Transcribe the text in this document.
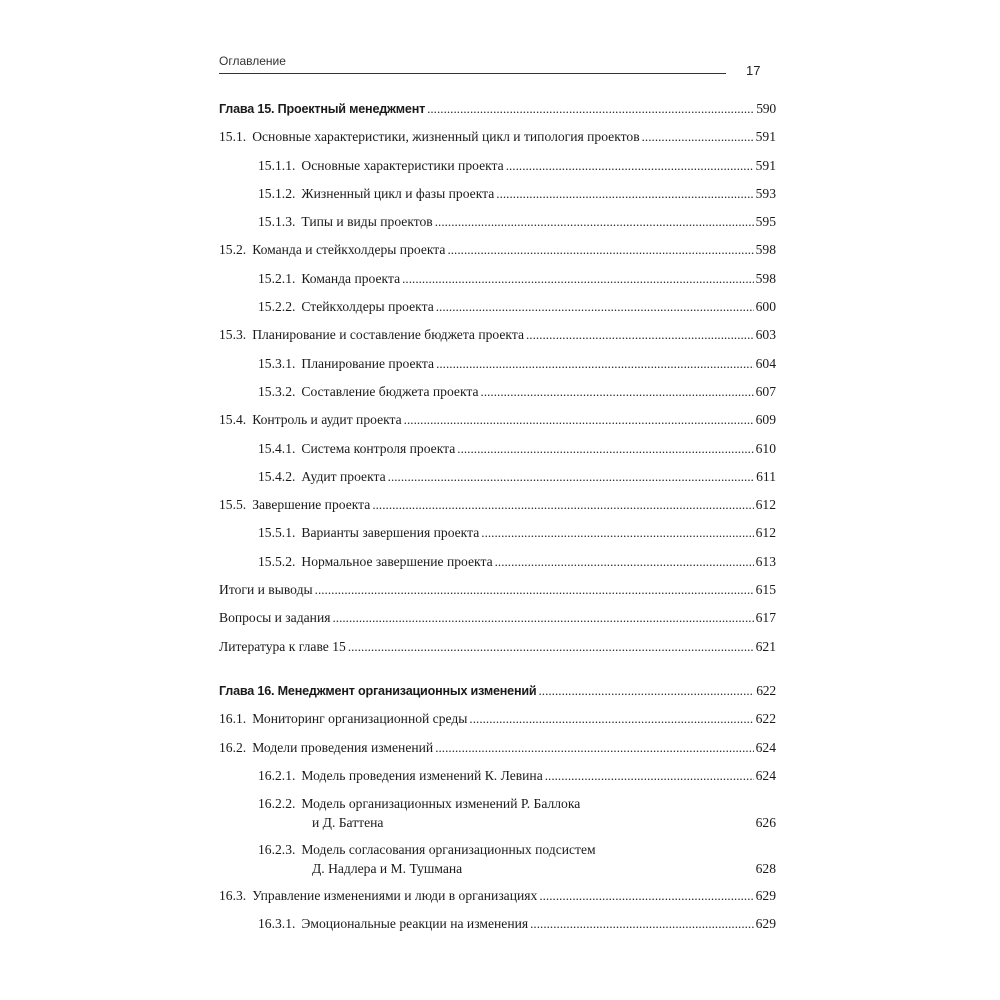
Оглавление
17
Глава 15. Проектный менеджмент . . .	590
15.1. Основные характеристики, жизненный цикл и типология проектов . . .	591
15.1.1. Основные характеристики проекта . . .	591
15.1.2. Жизненный цикл и фазы проекта . . .	593
15.1.3. Типы и виды проектов . . .	595
15.2. Команда и стейкхолдеры проекта . . .	598
15.2.1. Команда проекта . . .	598
15.2.2. Стейкхолдеры проекта . . .	600
15.3. Планирование и составление бюджета проекта . . .	603
15.3.1. Планирование проекта . . .	604
15.3.2. Составление бюджета проекта . . .	607
15.4. Контроль и аудит проекта . . .	609
15.4.1. Система контроля проекта . . .	610
15.4.2. Аудит проекта . . .	611
15.5. Завершение проекта . . .	612
15.5.1. Варианты завершения проекта . . .	612
15.5.2. Нормальное завершение проекта . . .	613
Итоги и выводы . . .	615
Вопросы и задания . . .	617
Литература к главе 15 . . .	621
Глава 16. Менеджмент организационных изменений . . .	622
16.1. Мониторинг организационной среды . . .	622
16.2. Модели проведения изменений . . .	624
16.2.1. Модель проведения изменений К. Левина . . .	624
16.2.2. Модель организационных изменений Р. Баллока
и Д. Баттена	626
16.2.3. Модель согласования организационных подсистем
Д. Надлера и М. Тушмана	628
16.3. Управление изменениями и люди в организациях . . .	629
16.3.1. Эмоциональные реакции на изменения . . .	629
